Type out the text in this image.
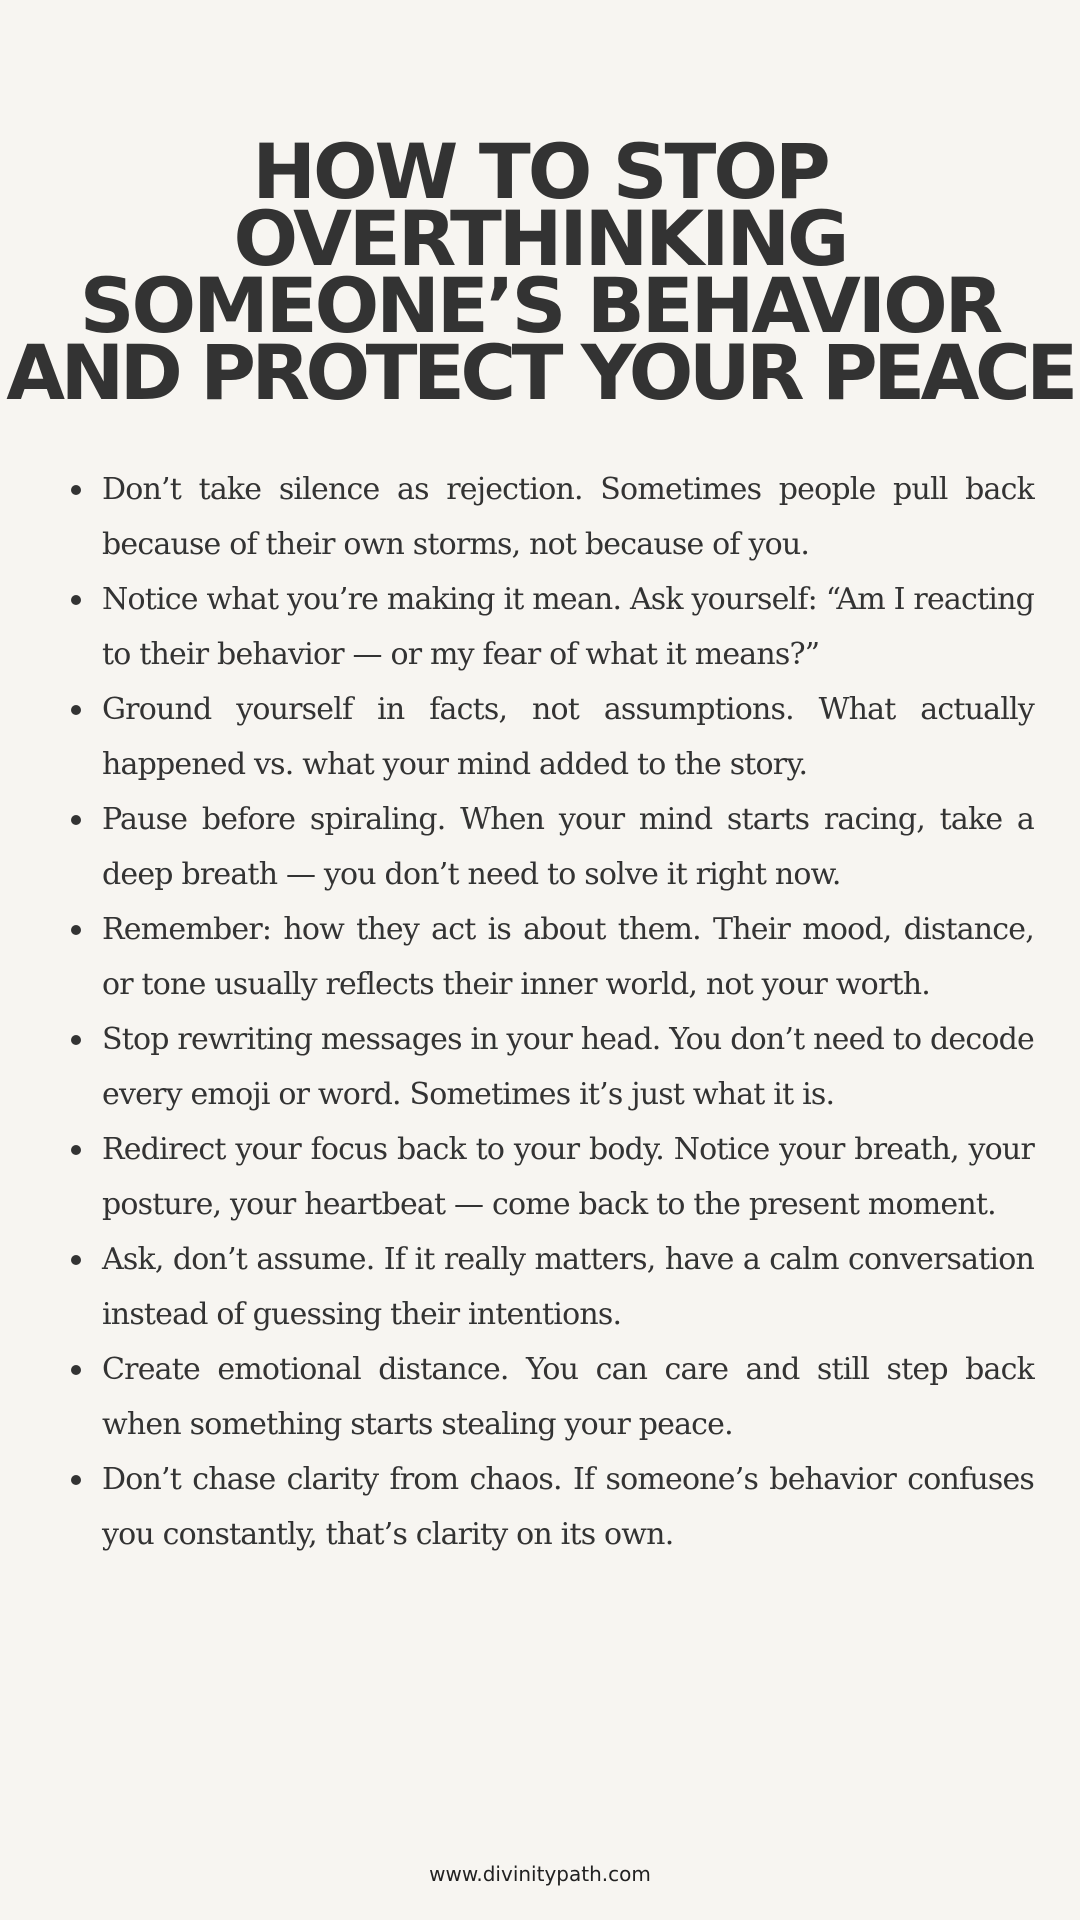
HOW TO STOP
OVERTHINKING
SOMEONE’S BEHAVIOR
AND PROTECT YOUR PEACE
Don’t take silence as rejection. Sometimes people pull back because of their own storms, not because of you.
Notice what you’re making it mean. Ask yourself: “Am I reacting to their behavior — or my fear of what it means?”
Ground yourself in facts, not assumptions. What actually happened vs. what your mind added to the story.
Pause before spiraling. When your mind starts racing, take a deep breath — you don’t need to solve it right now.
Remember: how they act is about them. Their mood, distance, or tone usually reflects their inner world, not your worth.
Stop rewriting messages in your head. You don’t need to decode every emoji or word. Sometimes it’s just what it is.
Redirect your focus back to your body. Notice your breath, your posture, your heartbeat — come back to the present moment.
Ask, don’t assume. If it really matters, have a calm conversation instead of guessing their intentions.
Create emotional distance. You can care and still step back when something starts stealing your peace.
Don’t chase clarity from chaos. If someone’s behavior confuses you constantly, that’s clarity on its own.
www.divinitypath.com
